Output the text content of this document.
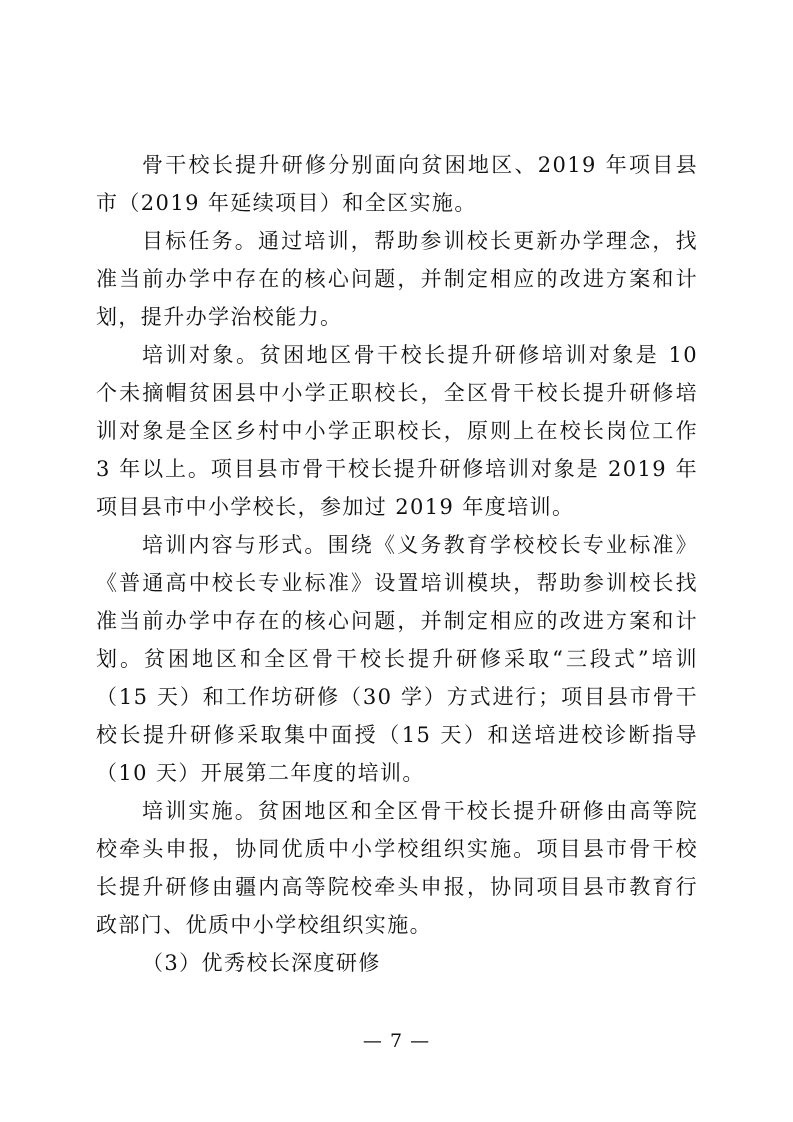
骨干校长提升研修分别面向贫困地区、2019 年项目县市（2019 年延续项目）和全区实施。

目标任务。通过培训，帮助参训校长更新办学理念，找准当前办学中存在的核心问题，并制定相应的改进方案和计划，提升办学治校能力。

培训对象。贫困地区骨干校长提升研修培训对象是 10 个未摘帽贫困县中小学正职校长，全区骨干校长提升研修培训对象是全区乡村中小学正职校长，原则上在校长岗位工作 3 年以上。项目县市骨干校长提升研修培训对象是 2019 年项目县市中小学校长，参加过 2019 年度培训。

培训内容与形式。围绕《义务教育学校校长专业标准》《普通高中校长专业标准》设置培训模块，帮助参训校长找准当前办学中存在的核心问题，并制定相应的改进方案和计划。贫困地区和全区骨干校长提升研修采取“三段式”培训（15 天）和工作坊研修（30 学）方式进行；项目县市骨干校长提升研修采取集中面授（15 天）和送培进校诊断指导（10 天）开展第二年度的培训。

培训实施。贫困地区和全区骨干校长提升研修由高等院校牵头申报，协同优质中小学校组织实施。项目县市骨干校长提升研修由疆内高等院校牵头申报，协同项目县市教育行政部门、优质中小学校组织实施。

（3）优秀校长深度研修

— 7 —
